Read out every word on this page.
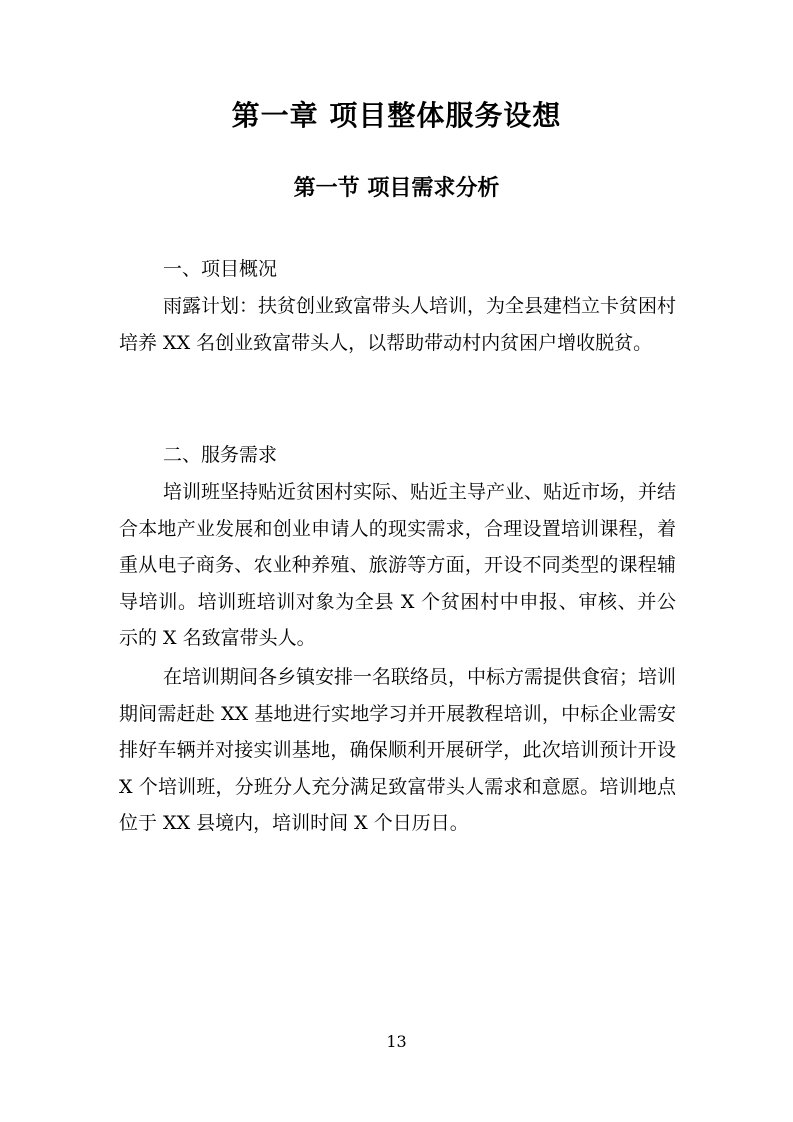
第一章 项目整体服务设想
第一节 项目需求分析

一、项目概况

雨露计划：扶贫创业致富带头人培训，为全县建档立卡贫困村培养 XX 名创业致富带头人，以帮助带动村内贫困户增收脱贫。

二、服务需求

培训班坚持贴近贫困村实际、贴近主导产业、贴近市场，并结合本地产业发展和创业申请人的现实需求，合理设置培训课程，着重从电子商务、农业种养殖、旅游等方面，开设不同类型的课程辅导培训。培训班培训对象为全县 X 个贫困村中申报、审核、并公示的 X 名致富带头人。

在培训期间各乡镇安排一名联络员，中标方需提供食宿；培训期间需赶赴 XX 基地进行实地学习并开展教程培训，中标企业需安排好车辆并对接实训基地，确保顺利开展研学，此次培训预计开设 X 个培训班，分班分人充分满足致富带头人需求和意愿。培训地点位于 XX 县境内，培训时间 X 个日历日。

13
